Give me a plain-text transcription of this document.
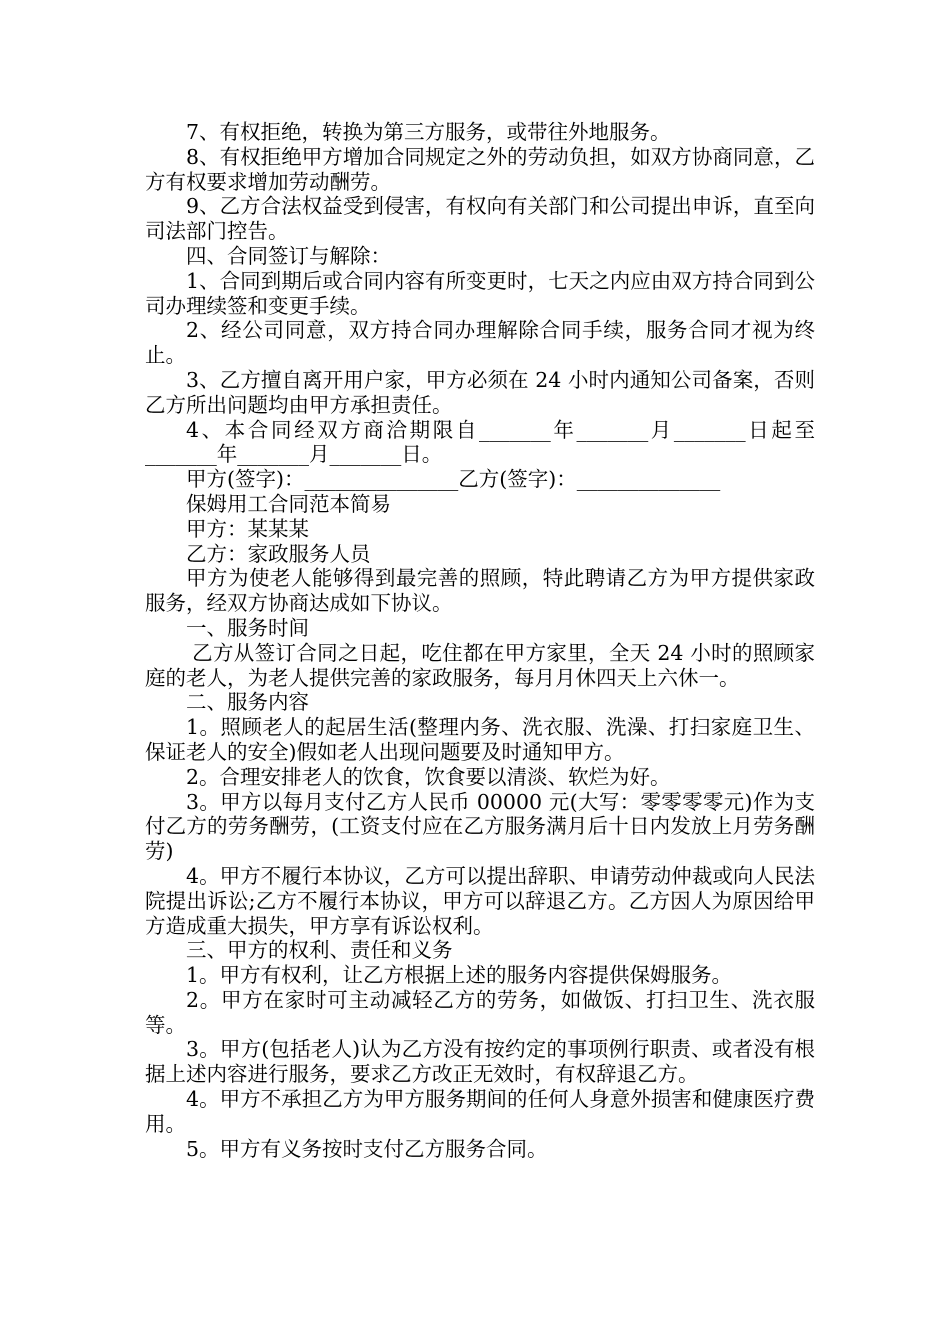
7、有权拒绝，转换为第三方服务，或带往外地服务。

8、有权拒绝甲方增加合同规定之外的劳动负担，如双方协商同意，乙方有权要求增加劳动酬劳。

9、乙方合法权益受到侵害，有权向有关部门和公司提出申诉，直至向司法部门控告。

四、合同签订与解除：

1、合同到期后或合同内容有所变更时，七天之内应由双方持合同到公司办理续签和变更手续。

2、经公司同意，双方持合同办理解除合同手续，服务合同才视为终止。

3、乙方擅自离开用户家，甲方必须在 24 小时内通知公司备案，否则乙方所出问题均由甲方承担责任。

4、本合同经双方商洽期限自_______年_______月_______日起至_______年_______月_______日。

甲方(签字)：_______________乙方(签字)：______________

保姆用工合同范本简易

甲方：某某某

乙方：家政服务人员

甲方为使老人能够得到最完善的照顾，特此聘请乙方为甲方提供家政服务，经双方协商达成如下协议。

一、服务时间

乙方从签订合同之日起，吃住都在甲方家里，全天 24 小时的照顾家庭的老人，为老人提供完善的家政服务，每月月休四天上六休一。

二、服务内容

1。照顾老人的起居生活(整理内务、洗衣服、洗澡、打扫家庭卫生、保证老人的安全)假如老人出现问题要及时通知甲方。

2。合理安排老人的饮食，饮食要以清淡、软烂为好。

3。甲方以每月支付乙方人民币 00000 元(大写：零零零零元)作为支付乙方的劳务酬劳，(工资支付应在乙方服务满月后十日内发放上月劳务酬劳)

4。甲方不履行本协议，乙方可以提出辞职、申请劳动仲裁或向人民法院提出诉讼;乙方不履行本协议，甲方可以辞退乙方。乙方因人为原因给甲方造成重大损失，甲方享有诉讼权利。

三、甲方的权利、责任和义务

1。甲方有权利，让乙方根据上述的服务内容提供保姆服务。

2。甲方在家时可主动减轻乙方的劳务，如做饭、打扫卫生、洗衣服等。

3。甲方(包括老人)认为乙方没有按约定的事项例行职责、或者没有根据上述内容进行服务，要求乙方改正无效时，有权辞退乙方。

4。甲方不承担乙方为甲方服务期间的任何人身意外损害和健康医疗费用。

5。甲方有义务按时支付乙方服务合同。
